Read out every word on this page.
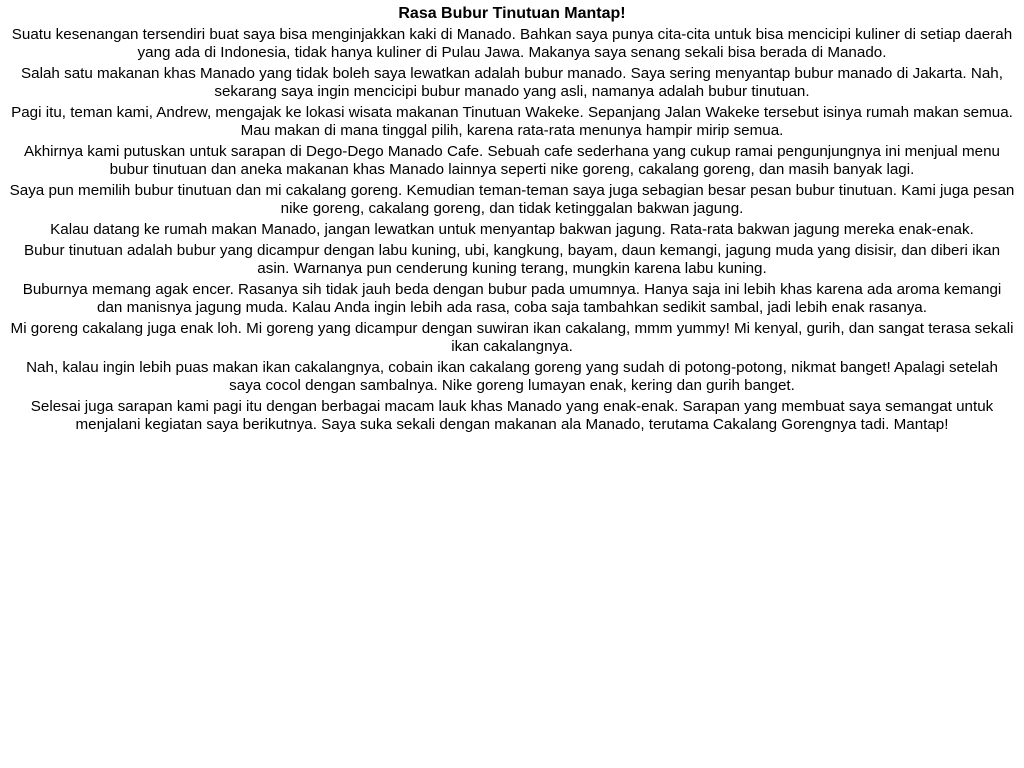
Rasa Bubur Tinutuan Mantap!
Suatu kesenangan tersendiri buat saya bisa menginjakkan kaki di Manado. Bahkan saya punya cita-cita untuk bisa mencicipi kuliner di setiap daerah yang ada di Indonesia, tidak hanya kuliner di Pulau Jawa. Makanya saya senang sekali bisa berada di Manado.
Salah satu makanan khas Manado yang tidak boleh saya lewatkan adalah bubur manado. Saya sering menyantap bubur manado di Jakarta. Nah, sekarang saya ingin mencicipi bubur manado yang asli, namanya adalah bubur tinutuan.
Pagi itu, teman kami, Andrew, mengajak ke lokasi wisata makanan Tinutuan Wakeke. Sepanjang Jalan Wakeke tersebut isinya rumah makan semua. Mau makan di mana tinggal pilih, karena rata-rata menunya hampir mirip semua.
Akhirnya kami putuskan untuk sarapan di Dego-Dego Manado Cafe. Sebuah cafe sederhana yang cukup ramai pengunjungnya ini menjual menu bubur tinutuan dan aneka makanan khas Manado lainnya seperti nike goreng, cakalang goreng, dan masih banyak lagi.
Saya pun memilih bubur tinutuan dan mi cakalang goreng. Kemudian teman-teman saya juga sebagian besar pesan bubur tinutuan. Kami juga pesan nike goreng, cakalang goreng, dan tidak ketinggalan bakwan jagung.
Kalau datang ke rumah makan Manado, jangan lewatkan untuk menyantap bakwan jagung. Rata-rata bakwan jagung mereka enak-enak.
Bubur tinutuan adalah bubur yang dicampur dengan labu kuning, ubi, kangkung, bayam, daun kemangi, jagung muda yang disisir, dan diberi ikan asin. Warnanya pun cenderung kuning terang, mungkin karena labu kuning.
Buburnya memang agak encer. Rasanya sih tidak jauh beda dengan bubur pada umumnya. Hanya saja ini lebih khas karena ada aroma kemangi dan manisnya jagung muda. Kalau Anda ingin lebih ada rasa, coba saja tambahkan sedikit sambal, jadi lebih enak rasanya.
Mi goreng cakalang juga enak loh. Mi goreng yang dicampur dengan suwiran ikan cakalang, mmm yummy! Mi kenyal, gurih, dan sangat terasa sekali ikan cakalangnya.
Nah, kalau ingin lebih puas makan ikan cakalangnya, cobain ikan cakalang goreng yang sudah di potong-potong, nikmat banget! Apalagi setelah saya cocol dengan sambalnya. Nike goreng lumayan enak, kering dan gurih banget.
Selesai juga sarapan kami pagi itu dengan berbagai macam lauk khas Manado yang enak-enak. Sarapan yang membuat saya semangat untuk menjalani kegiatan saya berikutnya. Saya suka sekali dengan makanan ala Manado, terutama Cakalang Gorengnya tadi. Mantap!
